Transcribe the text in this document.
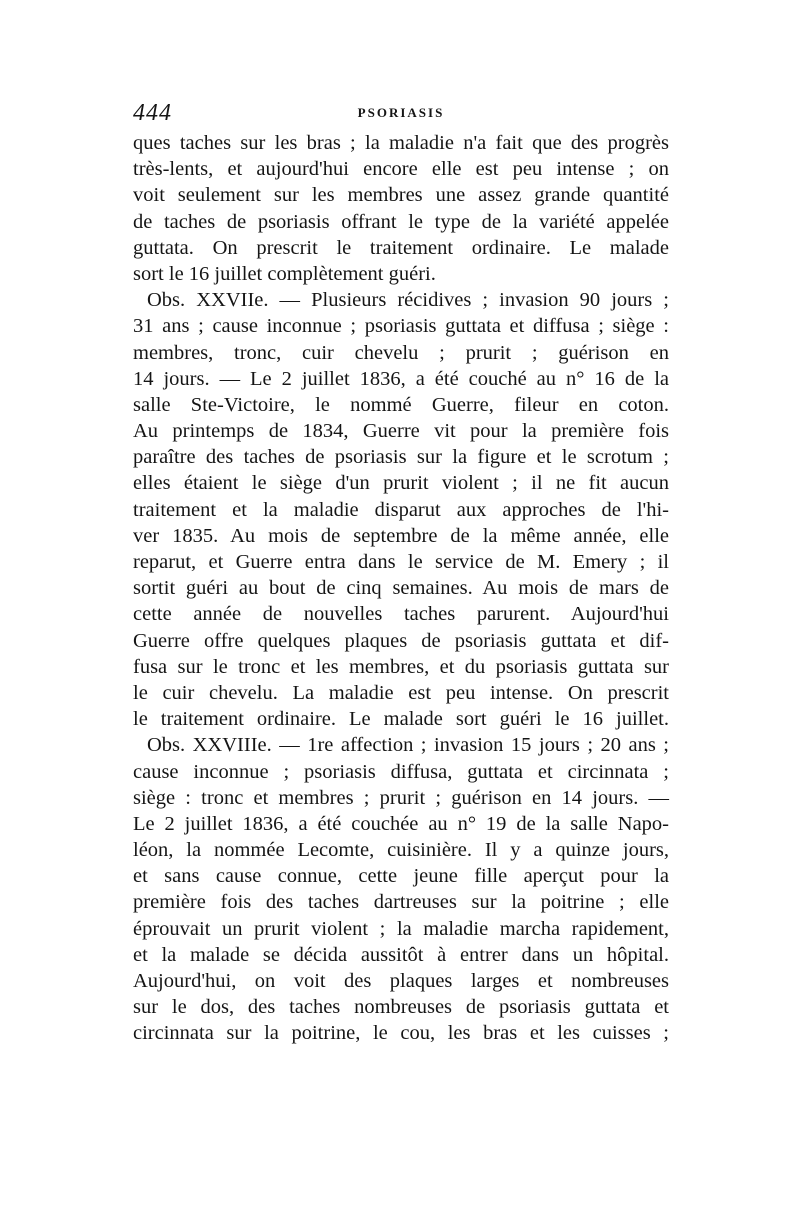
444	PSORIASIS
ques taches sur les bras ; la maladie n'a fait que des progrès
très-lents, et aujourd'hui encore elle est peu intense ; on
voit seulement sur les membres une assez grande quantité
de taches de psoriasis offrant le type de la variété appelée
guttata. On prescrit le traitement ordinaire. Le malade
sort le 16 juillet complètement guéri.
Obs. XXVIIe. — Plusieurs récidives ; invasion 90 jours ;
31 ans ; cause inconnue ; psoriasis guttata et diffusa ; siège :
membres, tronc, cuir chevelu ; prurit ; guérison en
14 jours. — Le 2 juillet 1836, a été couché au n° 16 de la
salle Ste-Victoire, le nommé Guerre, fileur en coton.
Au printemps de 1834, Guerre vit pour la première fois
paraître des taches de psoriasis sur la figure et le scrotum ;
elles étaient le siège d'un prurit violent ; il ne fit aucun
traitement et la maladie disparut aux approches de l'hi-
ver 1835. Au mois de septembre de la même année, elle
reparut, et Guerre entra dans le service de M. Emery ; il
sortit guéri au bout de cinq semaines. Au mois de mars de
cette année de nouvelles taches parurent. Aujourd'hui
Guerre offre quelques plaques de psoriasis guttata et dif-
fusa sur le tronc et les membres, et du psoriasis guttata sur
le cuir chevelu. La maladie est peu intense. On prescrit
le traitement ordinaire. Le malade sort guéri le 16 juillet.
Obs. XXVIIIe. — 1re affection ; invasion 15 jours ; 20 ans ;
cause inconnue ; psoriasis diffusa, guttata et circinnata ;
siège : tronc et membres ; prurit ; guérison en 14 jours. —
Le 2 juillet 1836, a été couchée au n° 19 de la salle Napo-
léon, la nommée Lecomte, cuisinière. Il y a quinze jours,
et sans cause connue, cette jeune fille aperçut pour la
première fois des taches dartreuses sur la poitrine ; elle
éprouvait un prurit violent ; la maladie marcha rapidement,
et la malade se décida aussitôt à entrer dans un hôpital.
Aujourd'hui, on voit des plaques larges et nombreuses
sur le dos, des taches nombreuses de psoriasis guttata et
circinnata sur la poitrine, le cou, les bras et les cuisses ;
